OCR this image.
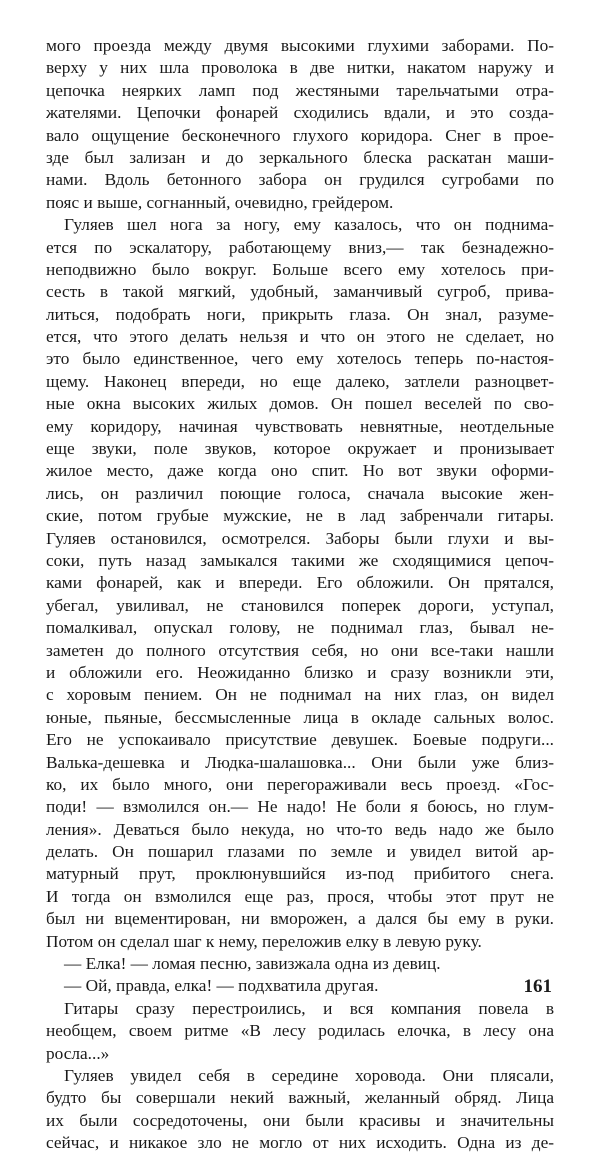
мого проезда между двумя высокими глухими заборами. По-
верху у них шла проволока в две нитки, накатом наружу и
цепочка неярких ламп под жестяными тарельчатыми отра-
жателями. Цепочки фонарей сходились вдали, и это созда-
вало ощущение бесконечного глухого коридора. Снег в прое-
зде был зализан и до зеркального блеска раскатан маши-
нами. Вдоль бетонного забора он грудился сугробами по
пояс и выше, согнанный, очевидно, грейдером.
Гуляев шел нога за ногу, ему казалось, что он поднима-
ется по эскалатору, работающему вниз,— так безнадежно-
неподвижно было вокруг. Больше всего ему хотелось при-
сесть в такой мягкий, удобный, заманчивый сугроб, прива-
литься, подобрать ноги, прикрыть глаза. Он знал, разуме-
ется, что этого делать нельзя и что он этого не сделает, но
это было единственное, чего ему хотелось теперь по-настоя-
щему. Наконец впереди, но еще далеко, затлели разноцвет-
ные окна высоких жилых домов. Он пошел веселей по сво-
ему коридору, начиная чувствовать невнятные, неотдельные
еще звуки, поле звуков, которое окружает и пронизывает
жилое место, даже когда оно спит. Но вот звуки оформи-
лись, он различил поющие голоса, сначала высокие жен-
ские, потом грубые мужские, не в лад забренчали гитары.
Гуляев остановился, осмотрелся. Заборы были глухи и вы-
соки, путь назад замыкался такими же сходящимися цепоч-
ками фонарей, как и впереди. Его обложили. Он прятался,
убегал, увиливал, не становился поперек дороги, уступал,
помалкивал, опускал голову, не поднимал глаз, бывал не-
заметен до полного отсутствия себя, но они все-таки нашли
и обложили его. Неожиданно близко и сразу возникли эти,
с хоровым пением. Он не поднимал на них глаз, он видел
юные, пьяные, бессмысленные лица в окладе сальных волос.
Его не успокаивало присутствие девушек. Боевые подруги...
Валька-дешевка и Людка-шалашовка... Они были уже близ-
ко, их было много, они перегораживали весь проезд. «Гос-
поди! — взмолился он.— Не надо! Не боли я боюсь, но глум-
ления». Деваться было некуда, но что-то ведь надо же было
делать. Он пошарил глазами по земле и увидел витой ар-
матурный прут, проклюнувшийся из-под прибитого снега.
И тогда он взмолился еще раз, прося, чтобы этот прут не
был ни вцементирован, ни вморожен, а дался бы ему в руки.
Потом он сделал шаг к нему, переложив елку в левую руку.
— Елка! — ломая песню, завизжала одна из девиц.
— Ой, правда, елка! — подхватила другая.
Гитары сразу перестроились, и вся компания повела в
необщем, своем ритме «В лесу родилась елочка, в лесу она
росла...»
Гуляев увидел себя в середине хоровода. Они плясали,
будто бы совершали некий важный, желанный обряд. Лица
их были сосредоточены, они были красивы и значительны
сейчас, и никакое зло не могло от них исходить. Одна из де-
161
